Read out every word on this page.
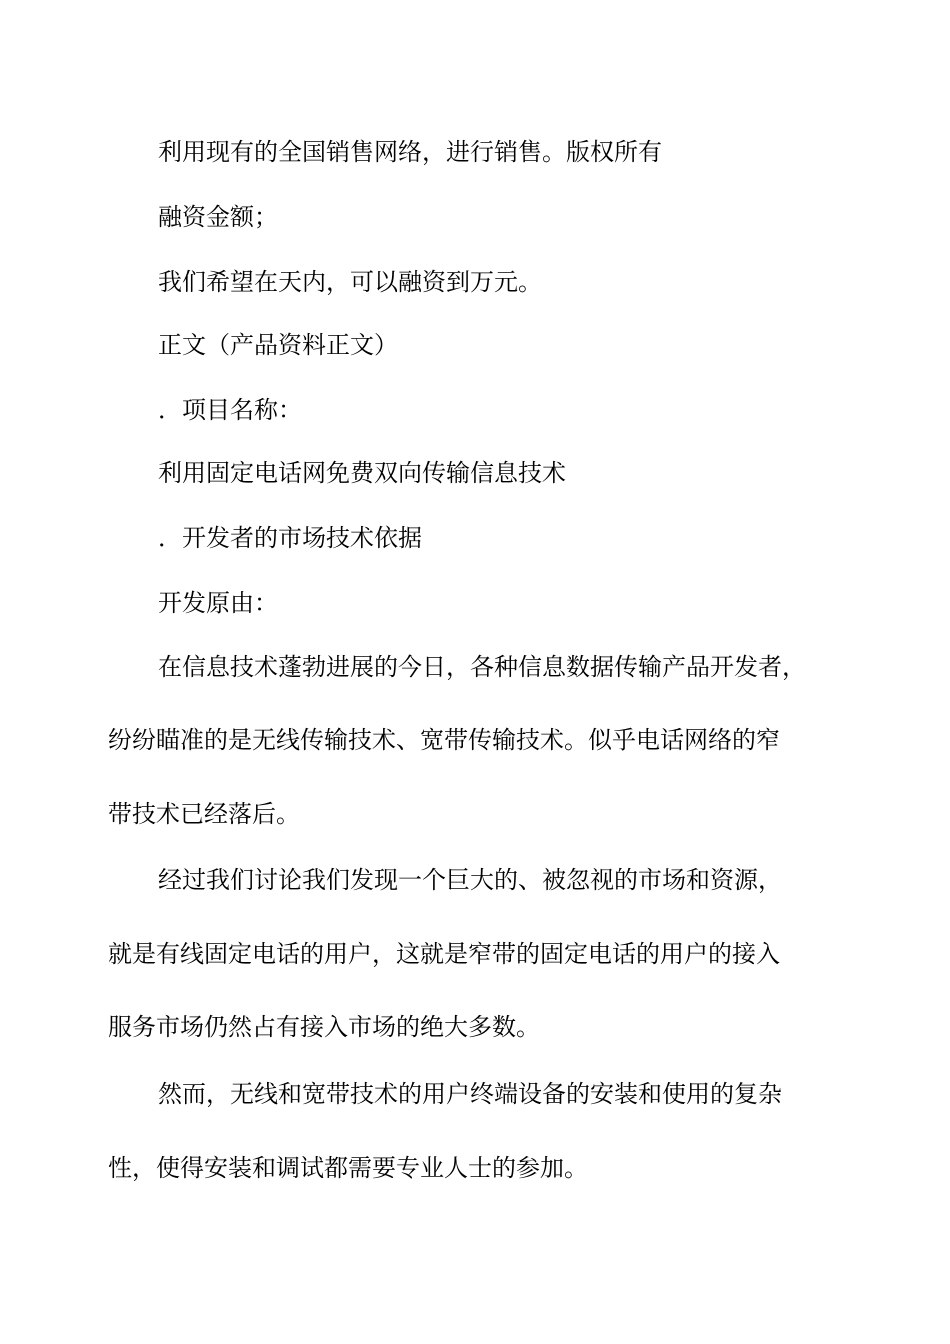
利用现有的全国销售网络，进行销售。版权所有

融资金额；

我们希望在天内，可以融资到万元。

正文（产品资料正文）

．项目名称：

利用固定电话网免费双向传输信息技术

．开发者的市场技术依据

开发原由：

在信息技术蓬勃进展的今日，各种信息数据传输产品开发者，

纷纷瞄准的是无线传输技术、宽带传输技术。似乎电话网络的窄

带技术已经落后。

经过我们讨论我们发现一个巨大的、被忽视的市场和资源，

就是有线固定电话的用户，这就是窄带的固定电话的用户的接入

服务市场仍然占有接入市场的绝大多数。

然而，无线和宽带技术的用户终端设备的安装和使用的复杂

性，使得安装和调试都需要专业人士的参加。
